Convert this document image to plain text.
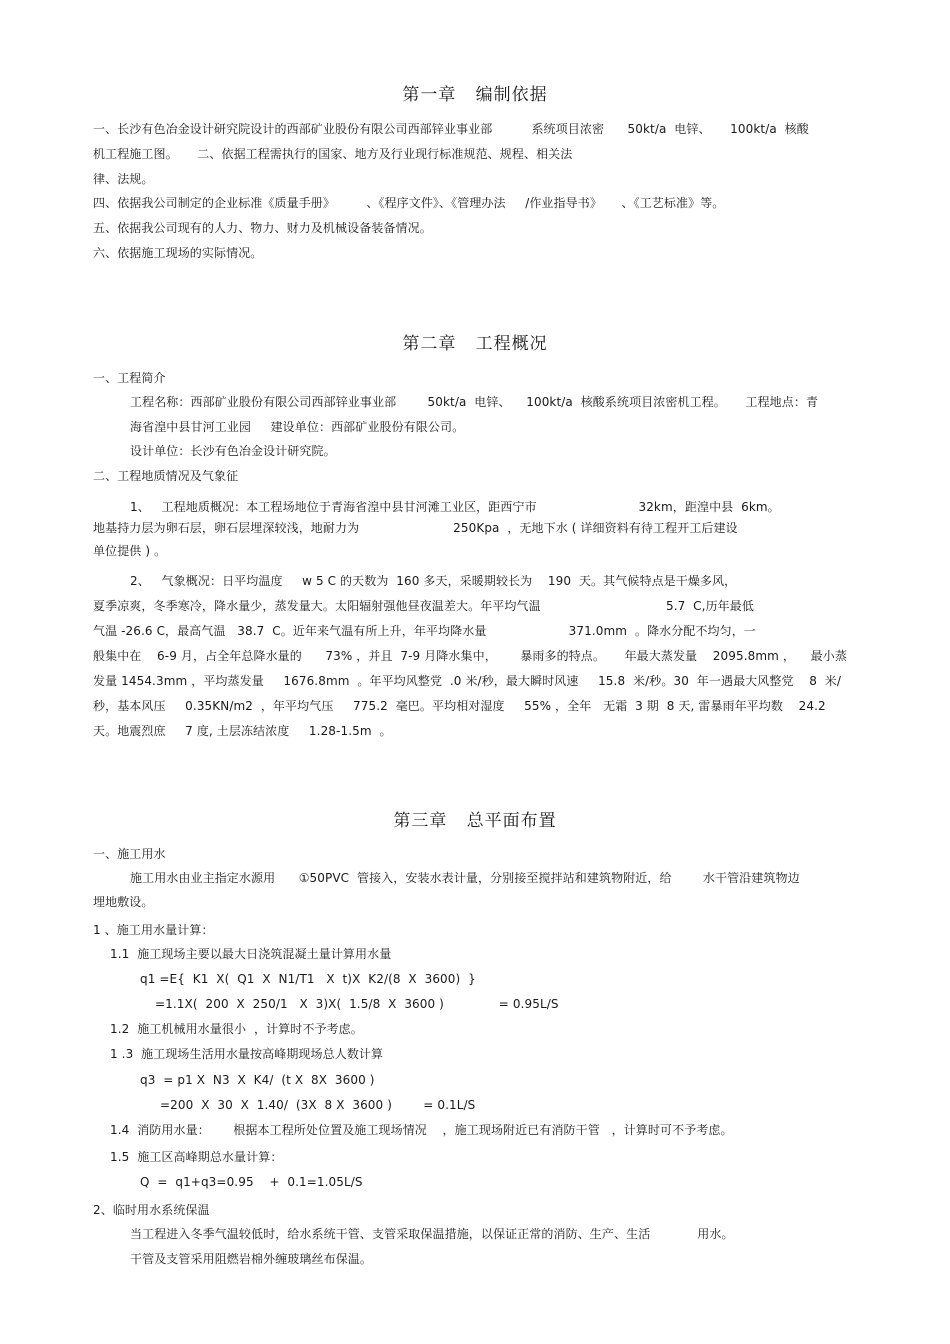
第一章   编制依据
一、长沙有色冶金设计研究院设计的西部矿业股份有限公司西部锌业事业部          系统项目浓密      50kt/a  电锌、     100kt/a  核酸
机工程施工图。     二、依据工程需执行的国家、地方及行业现行标准规范、规程、相关法
律、法规。
四、依据我公司制定的企业标准《质量手册》        、《程序文件》、《管理办法     /作业指导书》     、《工艺标准》等。
五、依据我公司现有的人力、物力、财力及机械设备装备情况。
六、依据施工现场的实际情况。
第二章   工程概况
一、工程简介
工程名称：西部矿业股份有限公司西部锌业事业部        50kt/a  电锌、    100kt/a  核酸系统项目浓密机工程。     工程地点：青
海省湟中县甘河工业园     建设单位：西部矿业股份有限公司。
设计单位：长沙有色冶金设计研究院。
二、工程地质情况及气象征
1、   工程地质概况：本工程场地位于青海省湟中县甘河滩工业区，距西宁市                          32km，距湟中县  6km。
地基持力层为卵石层，卵石层埋深较浅，地耐力为                        250Kpa  ，无地下水 ( 详细资料有待工程开工后建设
单位提供 ) 。
2、   气象概况：日平均温度     w 5 C 的天数为  160 多天，采暖期较长为    190  天。其气候特点是干燥多风，
夏季凉爽，冬季寒冷，降水量少，蒸发量大。太阳辐射强他昼夜温差大。年平均气温                                5.7  C,历年最低
气温 -26.6 C，最高气温   38.7  C。近年来气温有所上升，年平均降水量                     371.0mm  。降水分配不均匀，一
般集中在    6-9 月，占全年总降水量的      73% ，并且  7-9 月降水集中，      暴雨多的特点。     年最大蒸发量    2095.8mm ，    最小蒸
发量 1454.3mm ，平均蒸发量     1676.8mm  。年平均风整党  .0 米/秒，最大瞬时风速     15.8  米/秒。30  年一遇最大风整党    8  米/
秒，基本风压     0.35KN/m2  ，年平均气压     775.2  毫巴。平均相对湿度     55% ，全年   无霜  3 期  8 天, 雷暴雨年平均数    24.2
天。地震烈庶     7 度, 土层冻结浓度     1.28-1.5m  。
第三章   总平面布置
一、施工用水
施工用水由业主指定水源用      ①50PVC  管接入，安装水表计量，分别接至搅拌站和建筑物附近，给        水干管沿建筑物边
埋地敷设。
1 、施工用水量计算：
1.1  施工现场主要以最大日浇筑混凝土量计算用水量
q1 =E{  K1  X(  Q1  X  N1/T1   X  t)X  K2/(8  X  3600)  }
=1.1X(  200  X  250/1   X  3)X(  1.5/8  X  3600 )              = 0.95L/S
1.2  施工机械用水量很小  ，计算时不予考虑。
1 .3  施工现场生活用水量按高峰期现场总人数计算
q3  = p1 X  N3  X  K4/  (t X  8X  3600 )
=200  X  30  X  1.40/  (3X  8 X  3600 )        = 0.1L/S
1.4  消防用水量：      根据本工程所处位置及施工现场情况    ，施工现场附近已有消防干管   ，计算时可不予考虑。
1.5  施工区高峰期总水量计算：
Q  =  q1+q3=0.95    +  0.1=1.05L/S
2、临时用水系统保温
当工程进入冬季气温较低时，给水系统干管、支管采取保温措施，以保证正常的消防、生产、生活            用水。
干管及支管采用阻燃岩棉外缠玻璃丝布保温。
